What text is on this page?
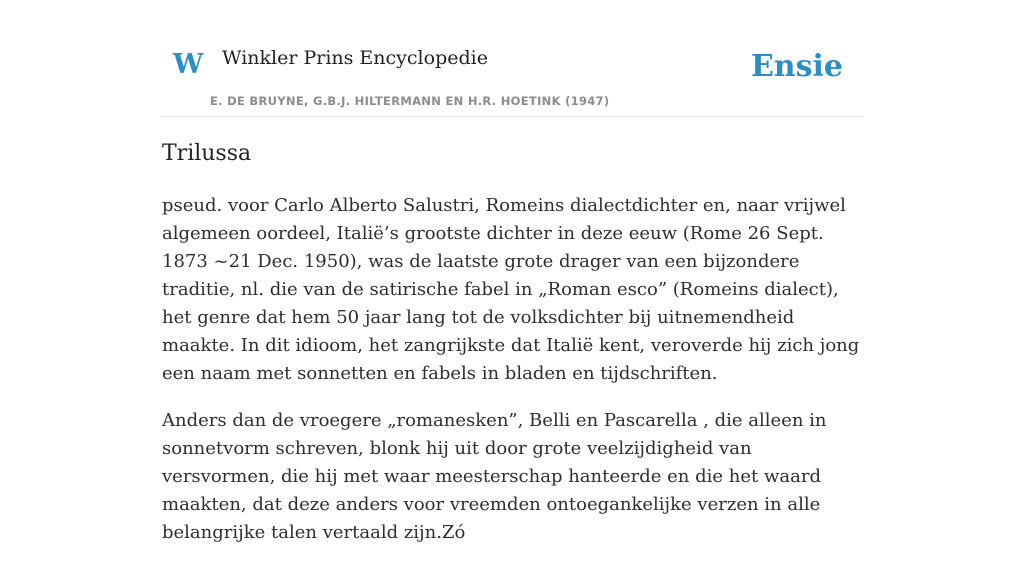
W Winkler Prins Encyclopedie	Ensie
E. DE BRUYNE, G.B.J. HILTERMANN EN H.R. HOETINK (1947)
Trilussa

pseud. voor Carlo Alberto Salustri, Romeins dialectdichter en, naar vrijwel algemeen oordeel, Italië’s grootste dichter in deze eeuw (Rome 26 Sept. 1873 ~21 Dec. 1950), was de laatste grote drager van een bijzondere traditie, nl. die van de satirische fabel in „Roman esco” (Romeins dialect), het genre dat hem 50 jaar lang tot de volksdichter bij uitnemendheid maakte. In dit idioom, het zangrijkste dat Italië kent, veroverde hij zich jong een naam met sonnetten en fabels in bladen en tijdschriften.

Anders dan de vroegere „romanesken”, Belli en Pascarella , die alleen in sonnetvorm schreven, blonk hij uit door grote veelzijdigheid van versvormen, die hij met waar meesterschap hanteerde en die het waard maakten, dat deze anders voor vreemden ontoegankelijke verzen in alle belangrijke talen vertaald zijn.Zó
